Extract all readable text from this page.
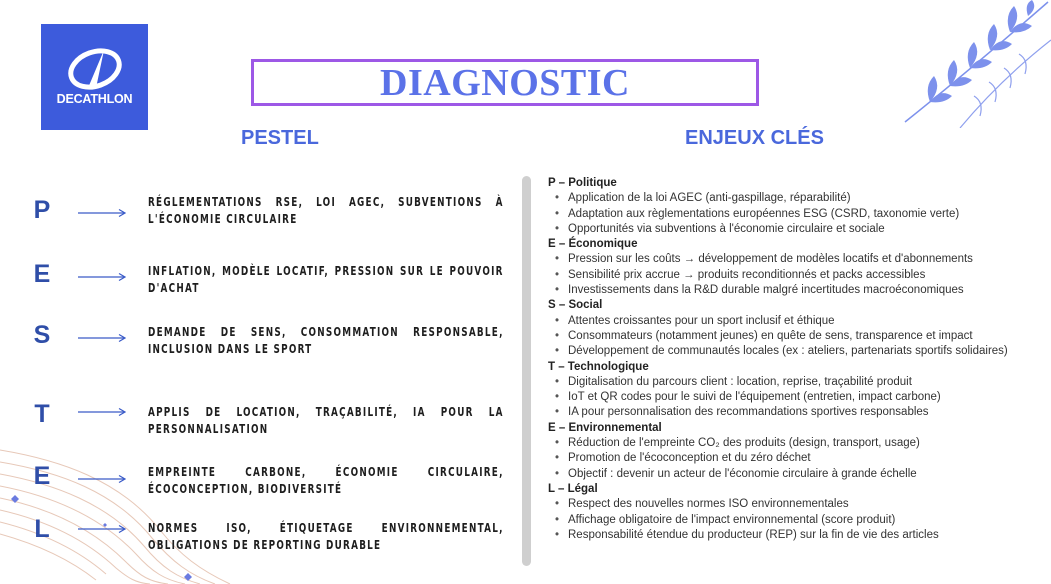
DECATHLON	DIAGNOSTIC
PESTEL	ENJEUX CLÉS
P	RÉGLEMENTATIONS RSE, LOI AGEC, SUBVENTIONS À L'ÉCONOMIE CIRCULAIRE
E	INFLATION, MODÈLE LOCATIF, PRESSION SUR LE POUVOIR D'ACHAT
S	DEMANDE DE SENS, CONSOMMATION RESPONSABLE, INCLUSION DANS LE SPORT
T	APPLIS DE LOCATION, TRAÇABILITÉ, IA POUR LA PERSONNALISATION
E	EMPREINTE CARBONE, ÉCONOMIE CIRCULAIRE, ÉCOCONCEPTION, BIODIVERSITÉ
L	NORMES ISO, ÉTIQUETAGE ENVIRONNEMENTAL, OBLIGATIONS DE REPORTING DURABLE
P – Politique
• Application de la loi AGEC (anti-gaspillage, réparabilité)
• Adaptation aux règlementations européennes ESG (CSRD, taxonomie verte)
• Opportunités via subventions à l'économie circulaire et sociale
E – Économique
• Pression sur les coûts → développement de modèles locatifs et d'abonnements
• Sensibilité prix accrue → produits reconditionnés et packs accessibles
• Investissements dans la R&D durable malgré incertitudes macroéconomiques
S – Social
• Attentes croissantes pour un sport inclusif et éthique
• Consommateurs (notamment jeunes) en quête de sens, transparence et impact
• Développement de communautés locales (ex : ateliers, partenariats sportifs solidaires)
T – Technologique
• Digitalisation du parcours client : location, reprise, traçabilité produit
• IoT et QR codes pour le suivi de l'équipement (entretien, impact carbone)
• IA pour personnalisation des recommandations sportives responsables
E – Environnemental
• Réduction de l'empreinte CO₂ des produits (design, transport, usage)
• Promotion de l'écoconception et du zéro déchet
• Objectif : devenir un acteur de l'économie circulaire à grande échelle
L – Légal
• Respect des nouvelles normes ISO environnementales
• Affichage obligatoire de l'impact environnemental (score produit)
• Responsabilité étendue du producteur (REP) sur la fin de vie des articles
